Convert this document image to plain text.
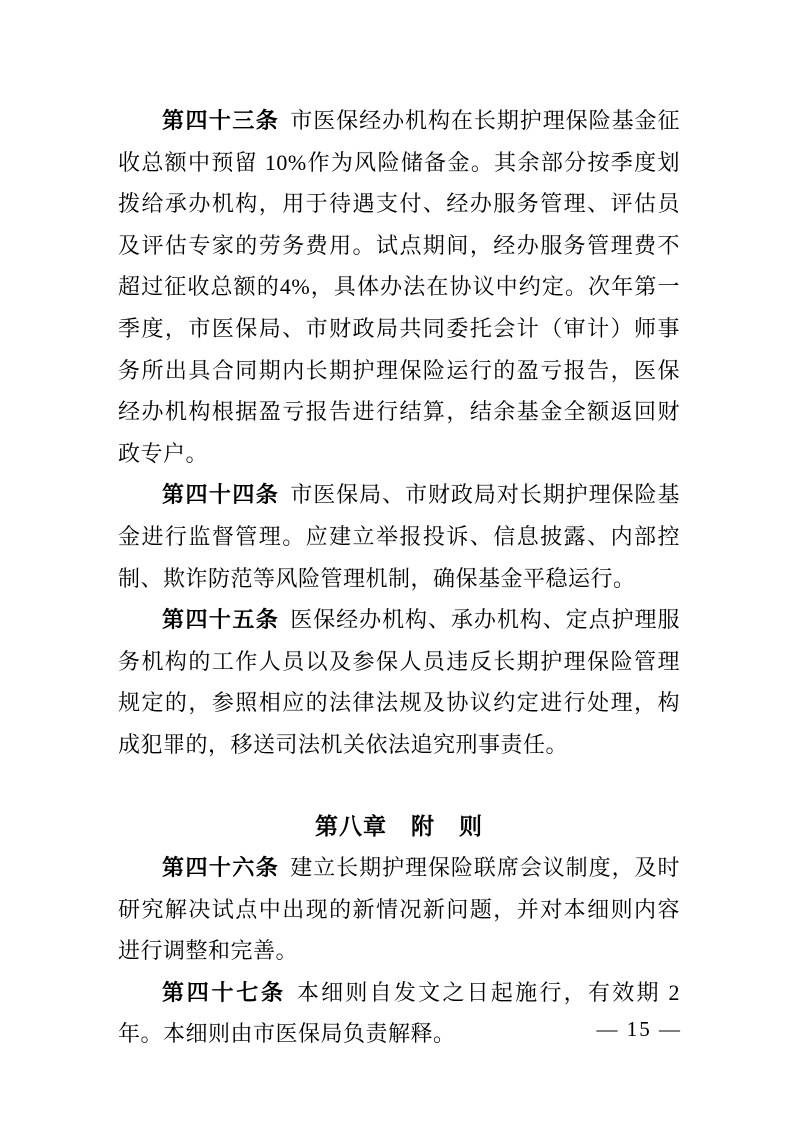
第四十三条 市医保经办机构在长期护理保险基金征收总额中预留 10%作为风险储备金。其余部分按季度划拨给承办机构，用于待遇支付、经办服务管理、评估员及评估专家的劳务费用。试点期间，经办服务管理费不超过征收总额的4%，具体办法在协议中约定。次年第一季度，市医保局、市财政局共同委托会计（审计）师事务所出具合同期内长期护理保险运行的盈亏报告，医保经办机构根据盈亏报告进行结算，结余基金全额返回财政专户。

第四十四条 市医保局、市财政局对长期护理保险基金进行监督管理。应建立举报投诉、信息披露、内部控制、欺诈防范等风险管理机制，确保基金平稳运行。

第四十五条 医保经办机构、承办机构、定点护理服务机构的工作人员以及参保人员违反长期护理保险管理规定的，参照相应的法律法规及协议约定进行处理，构成犯罪的，移送司法机关依法追究刑事责任。

第八章　附　则

第四十六条 建立长期护理保险联席会议制度，及时研究解决试点中出现的新情况新问题，并对本细则内容进行调整和完善。

第四十七条 本细则自发文之日起施行，有效期 2 年。本细则由市医保局负责解释。	— 15 —
